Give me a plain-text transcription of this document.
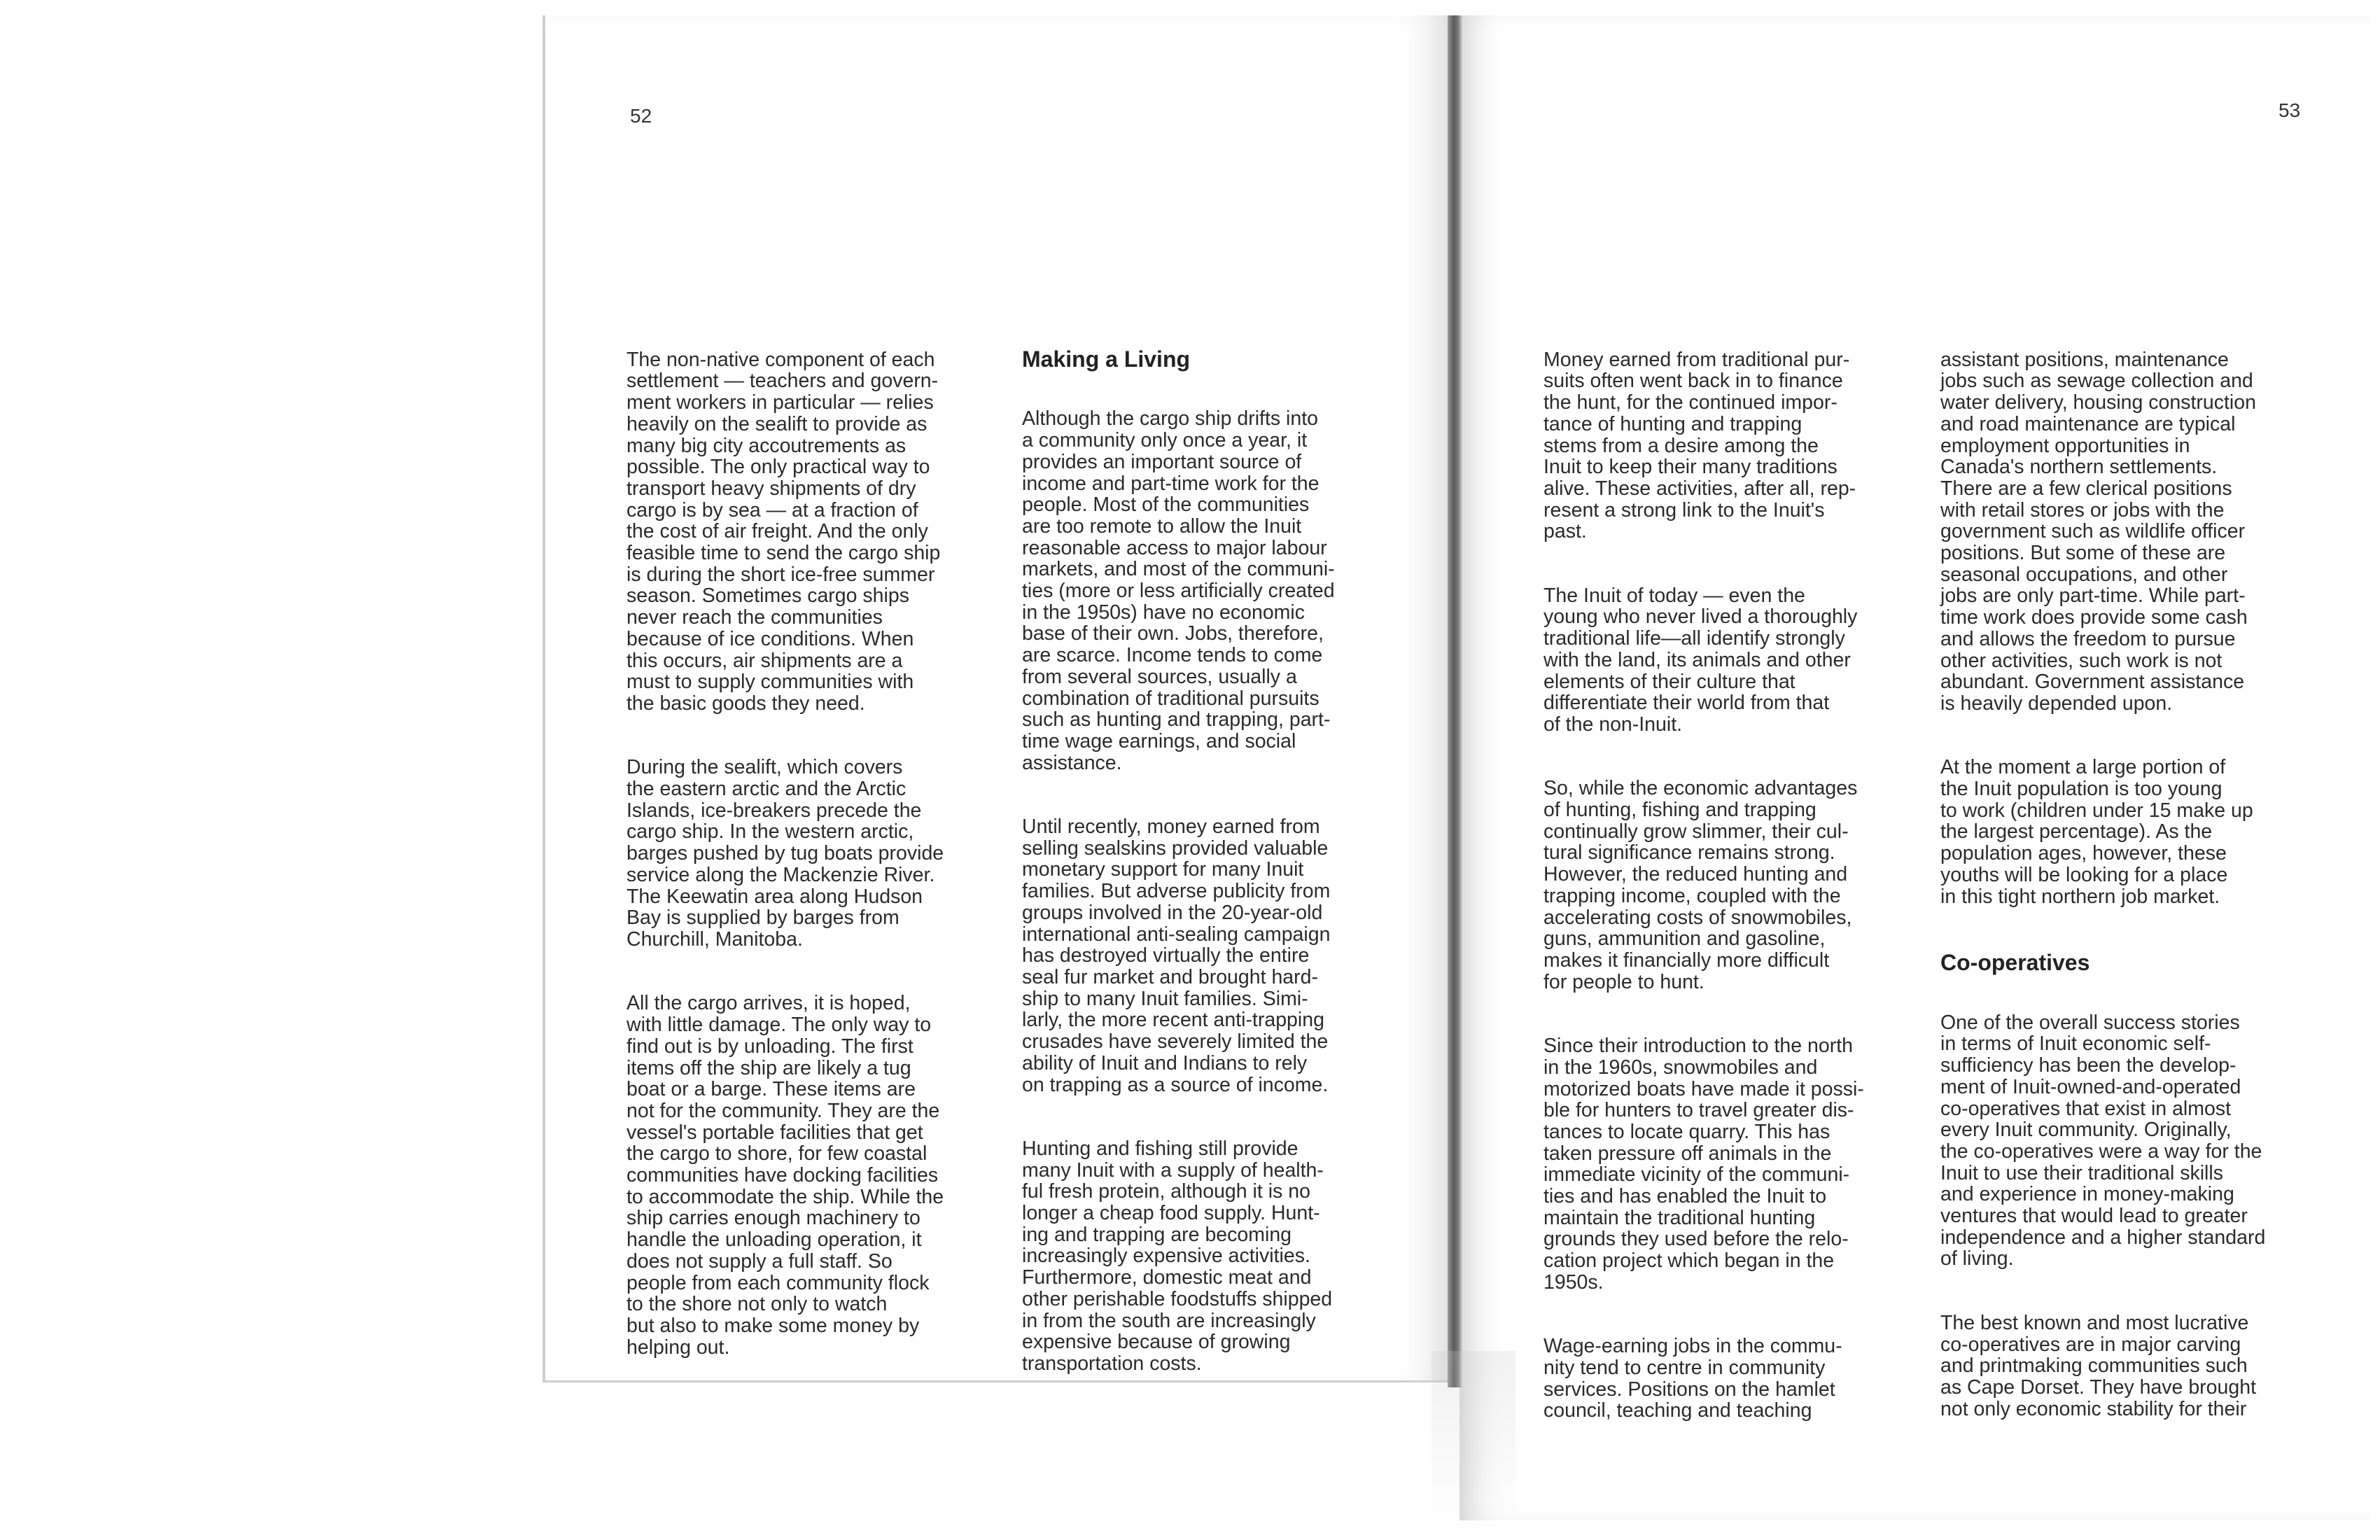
52	53

The non-native component of each
settlement — teachers and govern-
ment workers in particular — relies
heavily on the sealift to provide as
many big city accoutrements as
possible. The only practical way to
transport heavy shipments of dry
cargo is by sea — at a fraction of
the cost of air freight. And the only
feasible time to send the cargo ship
is during the short ice-free summer
season. Sometimes cargo ships
never reach the communities
because of ice conditions. When
this occurs, air shipments are a
must to supply communities with
the basic goods they need.

During the sealift, which covers
the eastern arctic and the Arctic
Islands, ice-breakers precede the
cargo ship. In the western arctic,
barges pushed by tug boats provide
service along the Mackenzie River.
The Keewatin area along Hudson
Bay is supplied by barges from
Churchill, Manitoba.

All the cargo arrives, it is hoped,
with little damage. The only way to
find out is by unloading. The first
items off the ship are likely a tug
boat or a barge. These items are
not for the community. They are the
vessel's portable facilities that get
the cargo to shore, for few coastal
communities have docking facilities
to accommodate the ship. While the
ship carries enough machinery to
handle the unloading operation, it
does not supply a full staff. So
people from each community flock
to the shore not only to watch
but also to make some money by
helping out.

Making a Living

Although the cargo ship drifts into
a community only once a year, it
provides an important source of
income and part-time work for the
people. Most of the communities
are too remote to allow the Inuit
reasonable access to major labour
markets, and most of the communi-
ties (more or less artificially created
in the 1950s) have no economic
base of their own. Jobs, therefore,
are scarce. Income tends to come
from several sources, usually a
combination of traditional pursuits
such as hunting and trapping, part-
time wage earnings, and social
assistance.

Until recently, money earned from
selling sealskins provided valuable
monetary support for many Inuit
families. But adverse publicity from
groups involved in the 20-year-old
international anti-sealing campaign
has destroyed virtually the entire
seal fur market and brought hard-
ship to many Inuit families. Simi-
larly, the more recent anti-trapping
crusades have severely limited the
ability of Inuit and Indians to rely
on trapping as a source of income.

Hunting and fishing still provide
many Inuit with a supply of health-
ful fresh protein, although it is no
longer a cheap food supply. Hunt-
ing and trapping are becoming
increasingly expensive activities.
Furthermore, domestic meat and
other perishable foodstuffs shipped
in from the south are increasingly
expensive because of growing
transportation costs.

Money earned from traditional pur-
suits often went back in to finance
the hunt, for the continued impor-
tance of hunting and trapping
stems from a desire among the
Inuit to keep their many traditions
alive. These activities, after all, rep-
resent a strong link to the Inuit's
past.

The Inuit of today — even the
young who never lived a thoroughly
traditional life—all identify strongly
with the land, its animals and other
elements of their culture that
differentiate their world from that
of the non-Inuit.

So, while the economic advantages
of hunting, fishing and trapping
continually grow slimmer, their cul-
tural significance remains strong.
However, the reduced hunting and
trapping income, coupled with the
accelerating costs of snowmobiles,
guns, ammunition and gasoline,
makes it financially more difficult
for people to hunt.

Since their introduction to the north
in the 1960s, snowmobiles and
motorized boats have made it possi-
ble for hunters to travel greater dis-
tances to locate quarry. This has
taken pressure off animals in the
immediate vicinity of the communi-
ties and has enabled the Inuit to
maintain the traditional hunting
grounds they used before the relo-
cation project which began in the
1950s.

Wage-earning jobs in the commu-
nity tend to centre in community
services. Positions on the hamlet
council, teaching and teaching

assistant positions, maintenance
jobs such as sewage collection and
water delivery, housing construction
and road maintenance are typical
employment opportunities in
Canada's northern settlements.
There are a few clerical positions
with retail stores or jobs with the
government such as wildlife officer
positions. But some of these are
seasonal occupations, and other
jobs are only part-time. While part-
time work does provide some cash
and allows the freedom to pursue
other activities, such work is not
abundant. Government assistance
is heavily depended upon.

At the moment a large portion of
the Inuit population is too young
to work (children under 15 make up
the largest percentage). As the
population ages, however, these
youths will be looking for a place
in this tight northern job market.

Co-operatives

One of the overall success stories
in terms of Inuit economic self-
sufficiency has been the develop-
ment of Inuit-owned-and-operated
co-operatives that exist in almost
every Inuit community. Originally,
the co-operatives were a way for the
Inuit to use their traditional skills
and experience in money-making
ventures that would lead to greater
independence and a higher standard
of living.

The best known and most lucrative
co-operatives are in major carving
and printmaking communities such
as Cape Dorset. They have brought
not only economic stability for their
